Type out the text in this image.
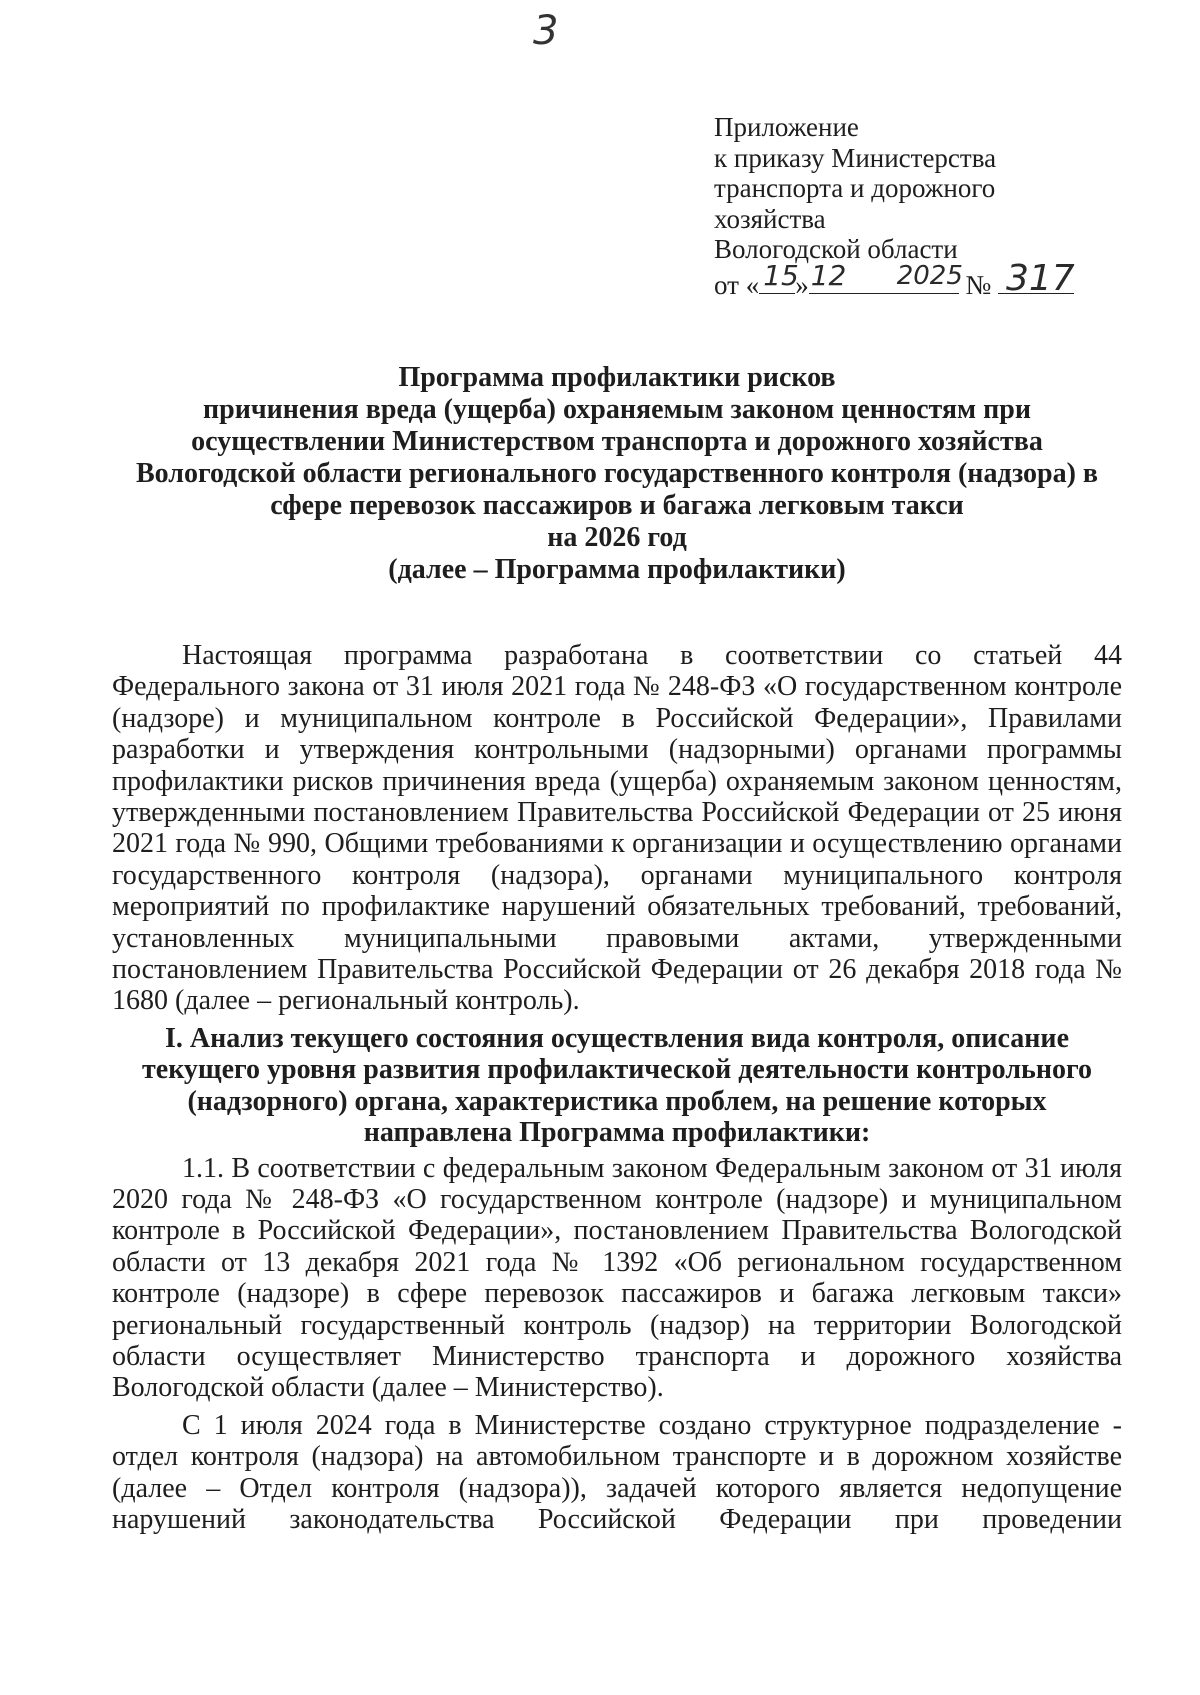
3
Приложение
к приказу Министерства
транспорта и дорожного
хозяйства
Вологодской области
от « 15
» 12 2025 № 317
Программа профилактики рисков
причинения вреда (ущерба) охраняемым законом ценностям при
осуществлении Министерством транспорта и дорожного хозяйства
Вологодской области регионального государственного контроля (надзора) в
сфере перевозок пассажиров и багажа легковым такси
на 2026 год
(далее – Программа профилактики)

Настоящая программа разработана в соответствии со статьей 44 Федерального закона от 31 июля 2021 года № 248-ФЗ «О государственном контроле (надзоре) и муниципальном контроле в Российской Федерации», Правилами разработки и утверждения контрольными (надзорными) органами программы профилактики рисков причинения вреда (ущерба) охраняемым законом ценностям, утвержденными постановлением Правительства Российской Федерации от 25 июня 2021 года № 990, Общими требованиями к организации и осуществлению органами государственного контроля (надзора), органами муниципального контроля мероприятий по профилактике нарушений обязательных требований, требований, установленных муниципальными правовыми актами, утвержденными постановлением Правительства Российской Федерации от 26 декабря 2018 года № 1680 (далее – региональный контроль).

I. Анализ текущего состояния осуществления вида контроля, описание
текущего уровня развития профилактической деятельности контрольного
(надзорного) органа, характеристика проблем, на решение которых
направлена Программа профилактики:

1.1. В соответствии с федеральным законом Федеральным законом от 31 июля 2020 года № 248-ФЗ «О государственном контроле (надзоре) и муниципальном контроле в Российской Федерации», постановлением Правительства Вологодской области от 13 декабря 2021 года № 1392 «Об региональном государственном контроле (надзоре) в сфере перевозок пассажиров и багажа легковым такси» региональный государственный контроль (надзор) на территории Вологодской области осуществляет Министерство транспорта и дорожного хозяйства Вологодской области (далее – Министерство).

С 1 июля 2024 года в Министерстве создано структурное подразделение - отдел контроля (надзора) на автомобильном транспорте и в дорожном хозяйстве (далее – Отдел контроля (надзора)), задачей которого является недопущение нарушений законодательства Российской Федерации при проведении
